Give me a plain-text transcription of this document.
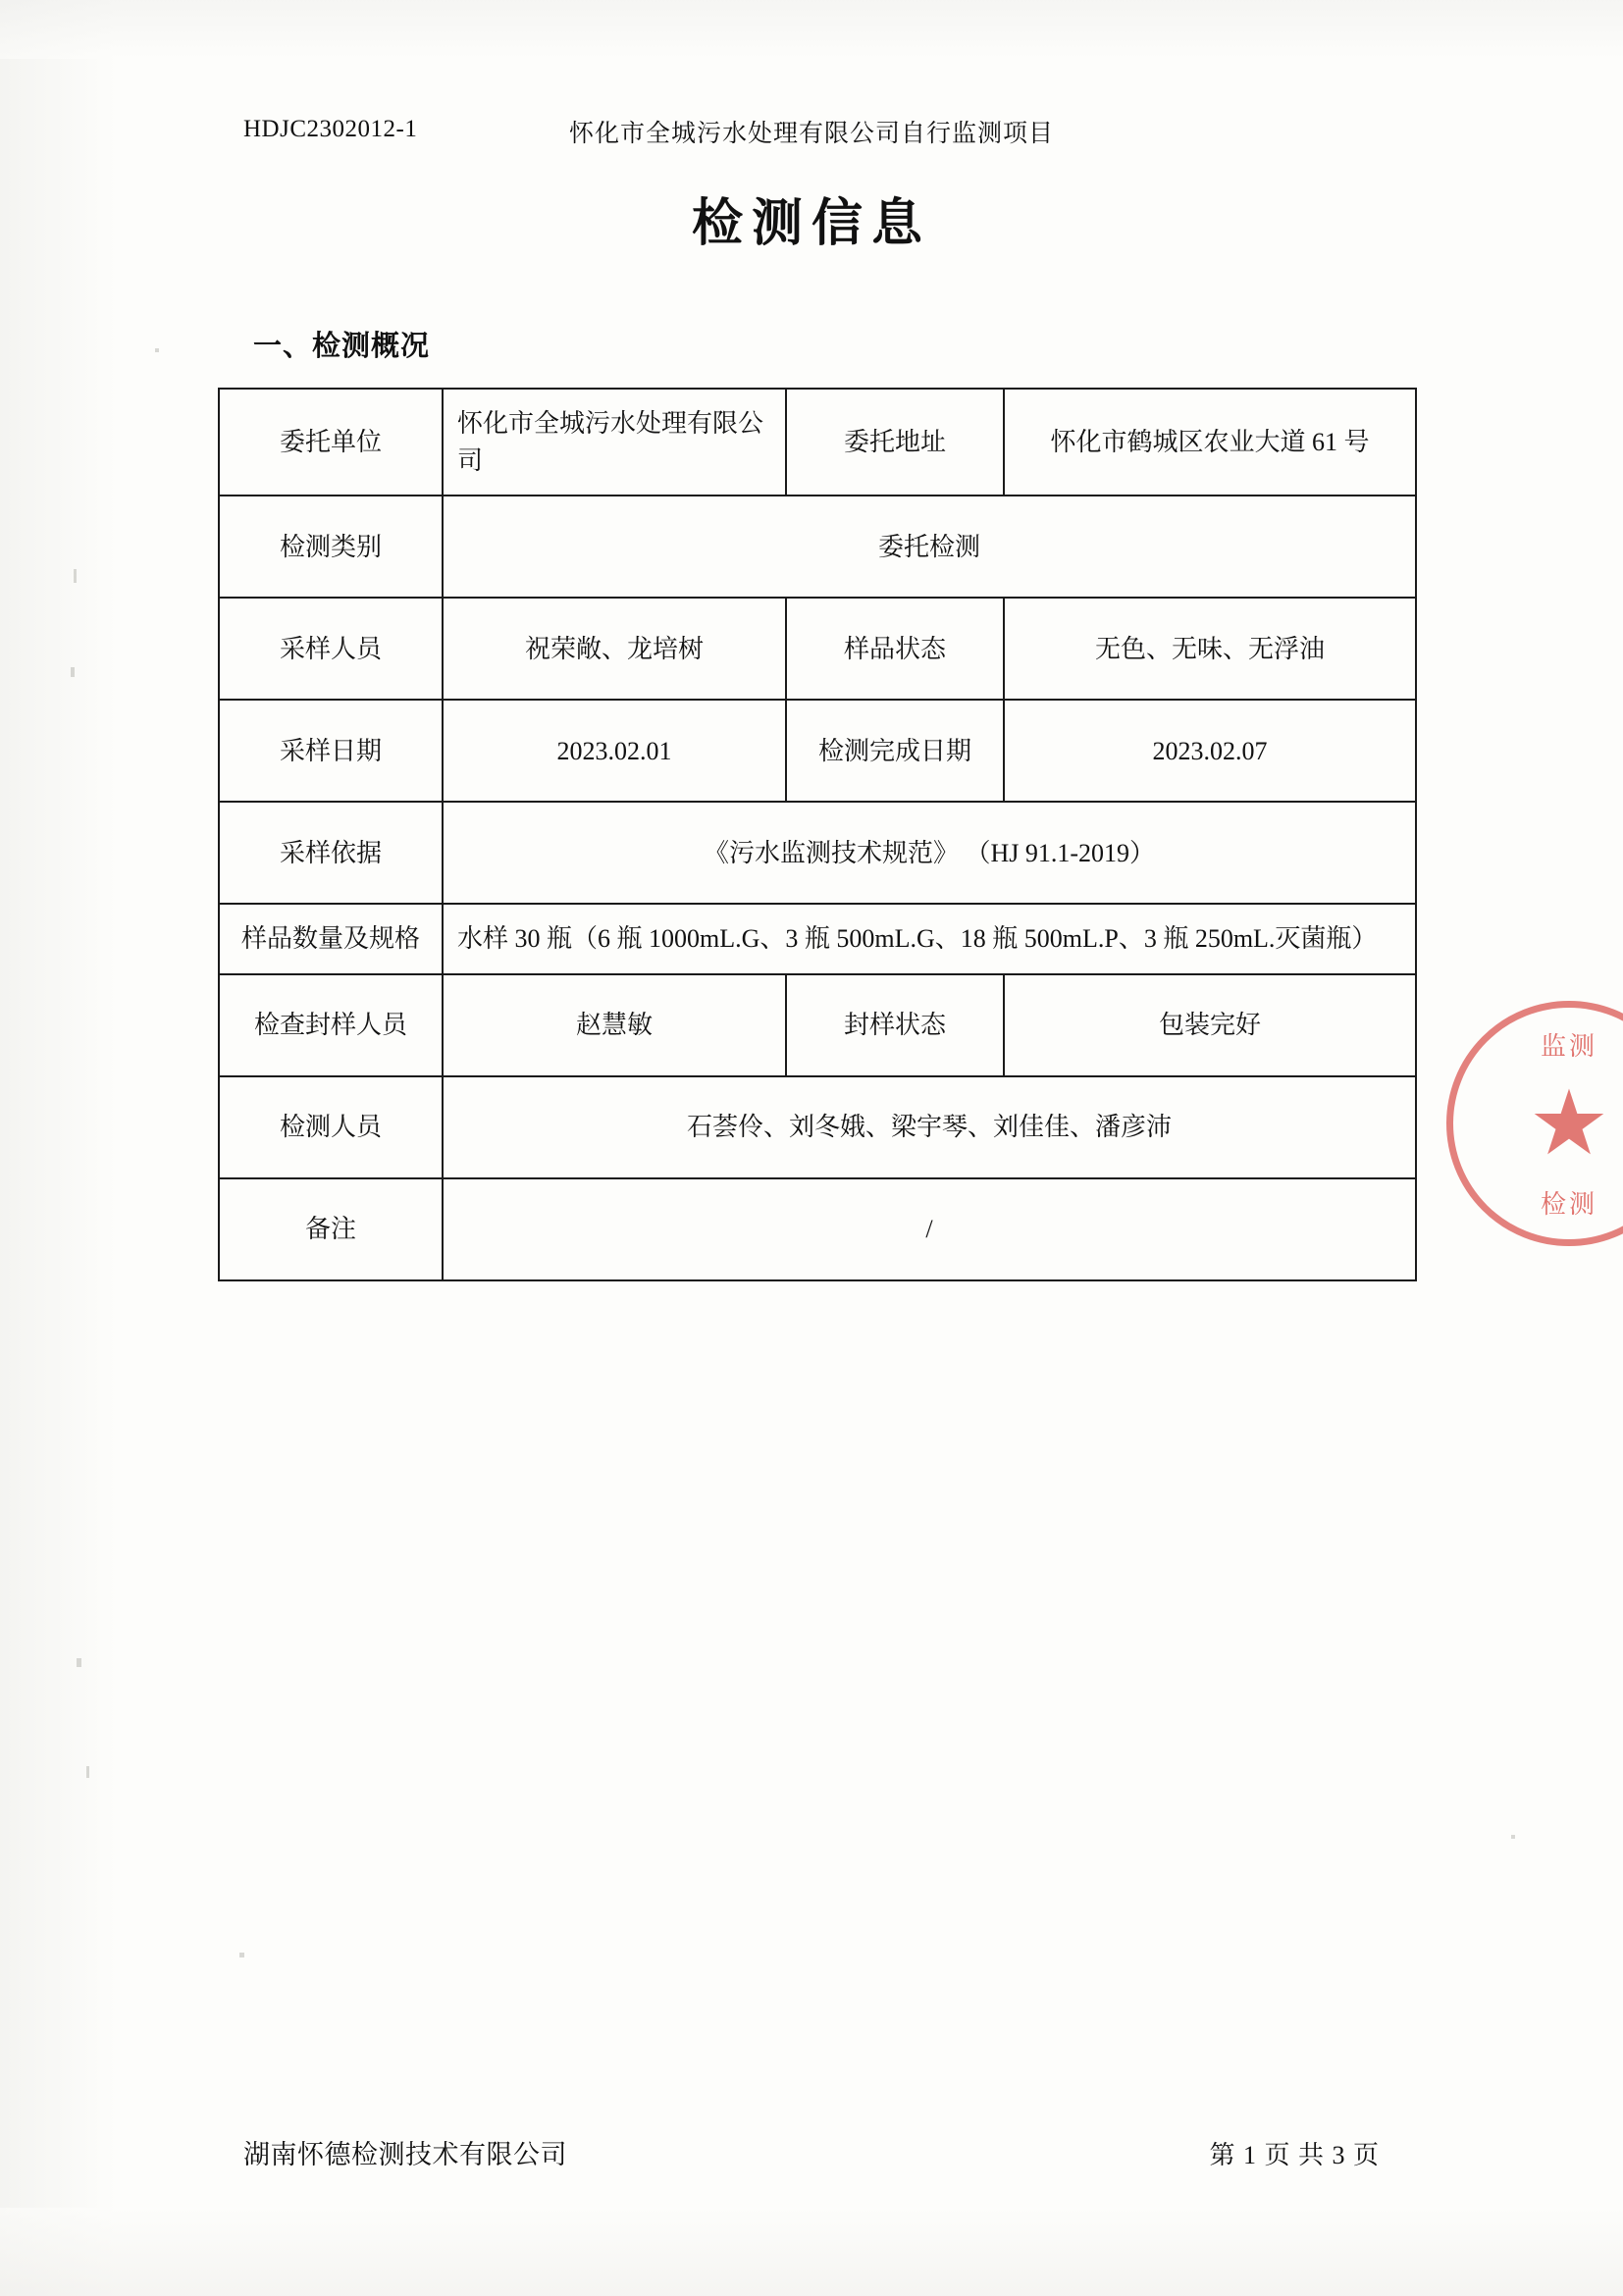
HDJC2302012-1	怀化市全城污水处理有限公司自行监测项目
检测信息
一、检测概况
委托单位	怀化市全城污水处理有限公司	委托地址	怀化市鹤城区农业大道 61 号
检测类别	委托检测		
采样人员	祝荣敞、龙培树	样品状态	无色、无味、无浮油
采样日期	2023.02.01	检测完成日期	2023.02.07
采样依据	《污水监测技术规范》 （HJ 91.1-2019）		
样品数量及规格	水样 30 瓶（6 瓶 1000mL.G、3 瓶 500mL.G、18 瓶 500mL.P、3 瓶 250mL.灭菌瓶）		
检查封样人员	赵慧敏	封样状态	包装完好
检测人员	石荟伶、刘冬娥、梁宇琴、刘佳佳、潘彦沛		
备注	/		
监测
★
检测
湖南怀德检测技术有限公司	第 1 页 共 3 页
